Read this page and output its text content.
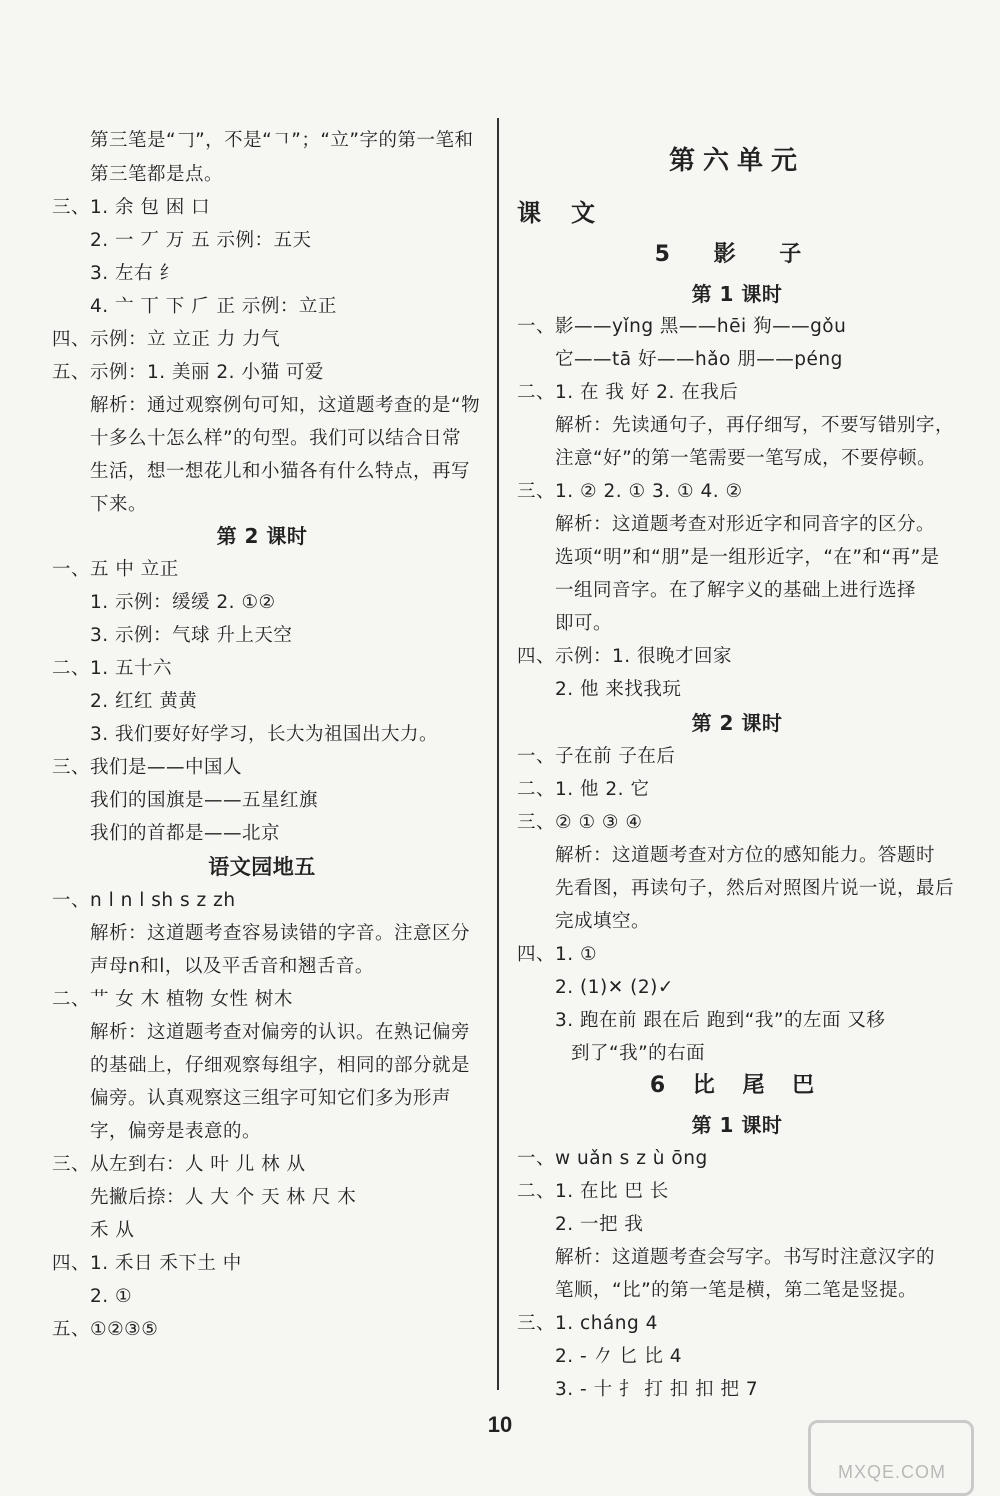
第三笔是“𠃌”，不是“𠃍”；“立”字的第一笔和
第三笔都是点。
三、1. 余 包 困 口
2. 一 丆 万 五 示例：五天
3. 左右 纟
4. 亠 丅 下 𠂆 正 示例：立正
四、示例：立 立正 力 力气
五、示例：1. 美丽 2. 小猫 可爱
解析：通过观察例句可知，这道题考查的是“物
十多么十怎么样”的句型。我们可以结合日常
生活，想一想花儿和小猫各有什么特点，再写
下来。
一、五 中 立正
1. 示例：缓缓 2. ①②
3. 示例：气球 升上天空
二、1. 五十六
2. 红红 黄黄
3. 我们要好好学习，长大为祖国出大力。
三、我们是——中国人
我们的国旗是——五星红旗
我们的首都是——北京
一、n l n l sh s z zh
解析：这道题考查容易读错的字音。注意区分
声母n和l，以及平舌音和翘舌音。
二、艹 女 木 植物 女性 树木
解析：这道题考查对偏旁的认识。在熟记偏旁
的基础上，仔细观察每组字，相同的部分就是
偏旁。认真观察这三组字可知它们多为形声
字，偏旁是表意的。
三、从左到右：人 叶 儿 林 从
先撇后捺：人 大 个 天 林 尺 木
禾 从
四、1. 禾日 禾下土 中
2. ①
五、①②③⑤
一、影——yǐng 黑——hēi 狗——gǒu
它——tā 好——hǎo 朋——péng
二、1. 在 我 好 2. 在我后
解析：先读通句子，再仔细写，不要写错别字，
注意“好”的第一笔需要一笔写成，不要停顿。
三、1. ② 2. ① 3. ① 4. ②
解析：这道题考查对形近字和同音字的区分。
选项“明”和“朋”是一组形近字，“在”和“再”是
一组同音字。在了解字义的基础上进行选择
即可。
四、示例：1. 很晚才回家
2. 他 来找我玩
一、子在前 子在后
二、1. 他 2. 它
三、② ① ③ ④
解析：这道题考查对方位的感知能力。答题时
先看图，再读句子，然后对照图片说一说，最后
完成填空。
四、1. ①
2. (1)✕ (2)✓
3. 跑在前 跟在后 跑到“我”的左面 又移
到了“我”的右面
一、w uǎn s z ù ōng
二、1. 在比 巴 长
2. 一把 我
解析：这道题考查会写字。书写时注意汉字的
笔顺，“比”的第一笔是横，第二笔是竖提。
三、1. cháng 4
2. - 𠂊 匕 比 4
3. - 十 扌 打 扣 扣 把 7
第 2 课时
语文园地五
第六单元
课文
5 影 子
第 1 课时
第 2 课时
6 比 尾 巴
第 1 课时
10
MXQE.COM
